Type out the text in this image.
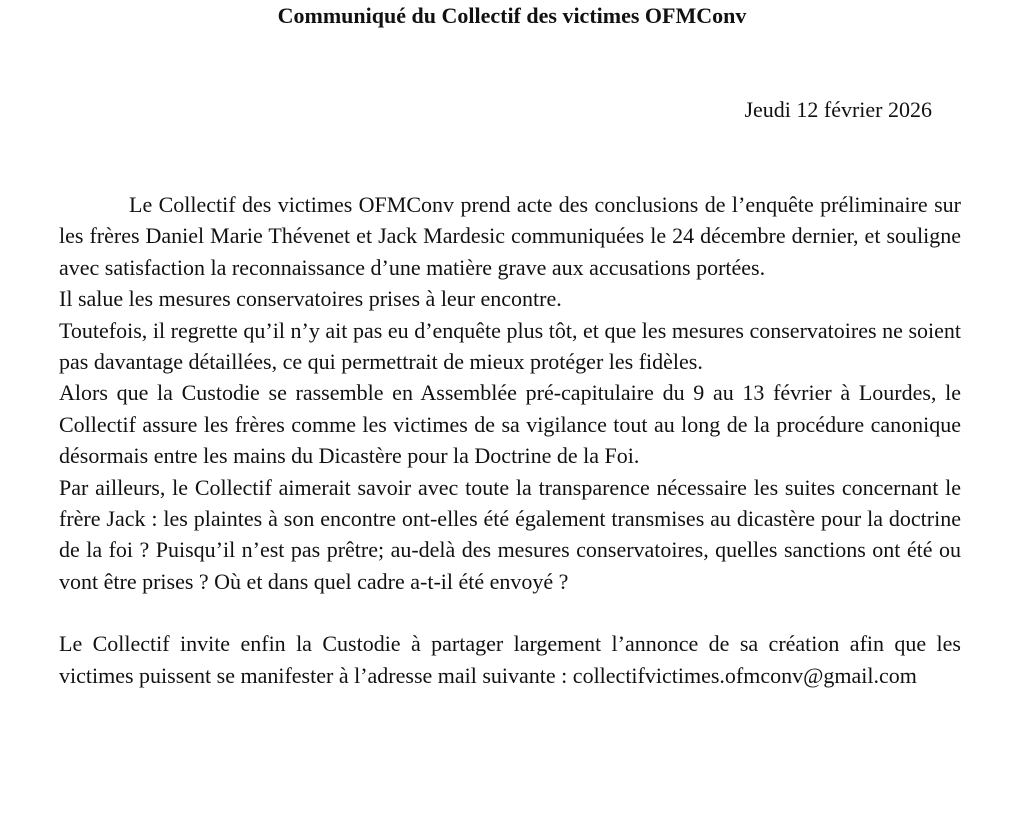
Communiqué du Collectif des victimes OFMConv

Jeudi 12 février 2026

Le Collectif des victimes OFMConv prend acte des conclusions de l’enquête préliminaire sur les frères Daniel Marie Thévenet et Jack Mardesic communiquées le 24 décembre dernier, et souligne avec satisfaction la reconnaissance d’une matière grave aux accusations portées.

Il salue les mesures conservatoires prises à leur encontre.

Toutefois, il regrette qu’il n’y ait pas eu d’enquête plus tôt, et que les mesures conservatoires ne soient pas davantage détaillées, ce qui permettrait de mieux protéger les fidèles.

Alors que la Custodie se rassemble en Assemblée pré-capitulaire du 9 au 13 février à Lourdes, le Collectif assure les frères comme les victimes de sa vigilance tout au long de la procédure canonique désormais entre les mains du Dicastère pour la Doctrine de la Foi.

Par ailleurs, le Collectif aimerait savoir avec toute la transparence nécessaire les suites concernant le frère Jack : les plaintes à son encontre ont-elles été également transmises au dicastère pour la doctrine de la foi ? Puisqu’il n’est pas prêtre; au-delà des mesures conservatoires, quelles sanctions ont été ou vont être prises ? Où et dans quel cadre a-t-il été envoyé ?

Le Collectif invite enfin la Custodie à partager largement l’annonce de sa création afin que les victimes puissent se manifester à l’adresse mail suivante : collectifvictimes.ofmconv@gmail.com
